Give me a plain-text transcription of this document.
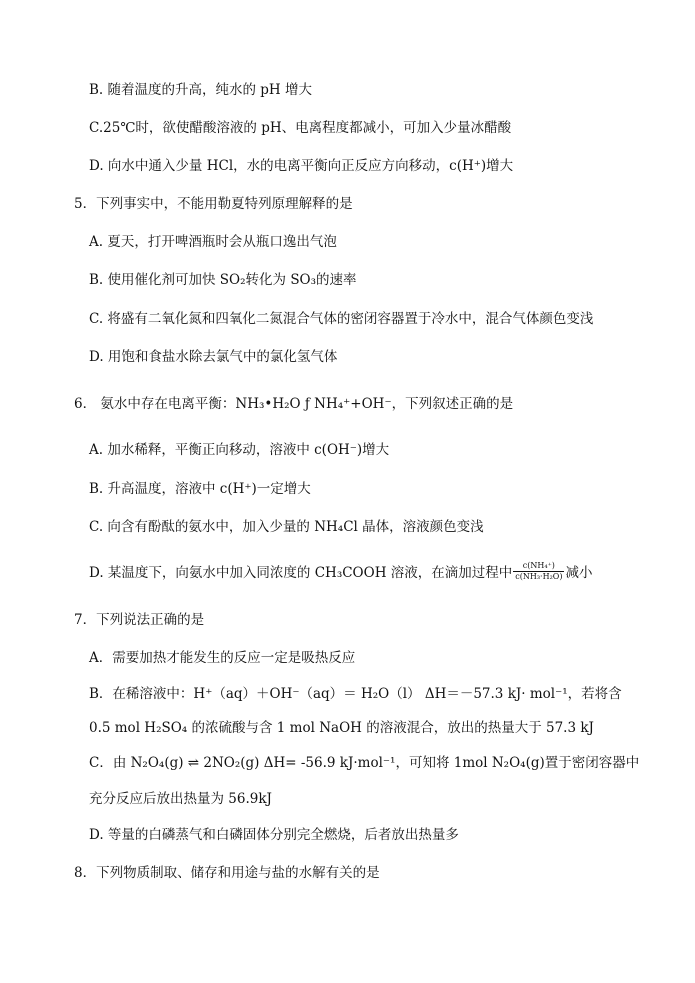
B. 随着温度的升高，纯水的 pH 增大
C.25℃时，欲使醋酸溶液的 pH、电离程度都减小，可加入少量冰醋酸
D. 向水中通入少量 HCl，水的电离平衡向正反应方向移动，c(H⁺)增大
5．下列事实中，不能用勒夏特列原理解释的是
A. 夏天，打开啤酒瓶时会从瓶口逸出气泡
B. 使用催化剂可加快 SO₂转化为 SO₃的速率
C. 将盛有二氧化氮和四氧化二氮混合气体的密闭容器置于冷水中，混合气体颜色变浅
D. 用饱和食盐水除去氯气中的氯化氢气体
6． 氨水中存在电离平衡：NH₃•H₂O ƒ NH₄⁺+OH⁻，下列叙述正确的是
A. 加水稀释，平衡正向移动，溶液中 c(OH⁻)增大
B. 升高温度，溶液中 c(H⁺)一定增大
C. 向含有酚酞的氨水中，加入少量的 NH₄Cl 晶体，溶液颜色变浅
D. 某温度下，向氨水中加入同浓度的 CH₃COOH 溶液，在滴加过程中 $\frac{\text{c(NH₄⁺)}}{\text{c(NH₃·H₂O)}}$ 减小
7．下列说法正确的是
A．需要加热才能发生的反应一定是吸热反应
B．在稀溶液中：H⁺（aq）＋OH⁻（aq）＝ H₂O（l） ΔH＝－57.3 kJ· mol⁻¹，若将含
0.5 mol H₂SO₄ 的浓硫酸与含 1 mol NaOH 的溶液混合，放出的热量大于 57.3 kJ
C．由 N₂O₄(g) ⇌ 2NO₂(g) ΔH= -56.9 kJ·mol⁻¹，可知将 1mol N₂O₄(g)置于密闭容器中
充分反应后放出热量为 56.9kJ
D. 等量的白磷蒸气和白磷固体分别完全燃烧，后者放出热量多
8．下列物质制取、储存和用途与盐的水解有关的是
